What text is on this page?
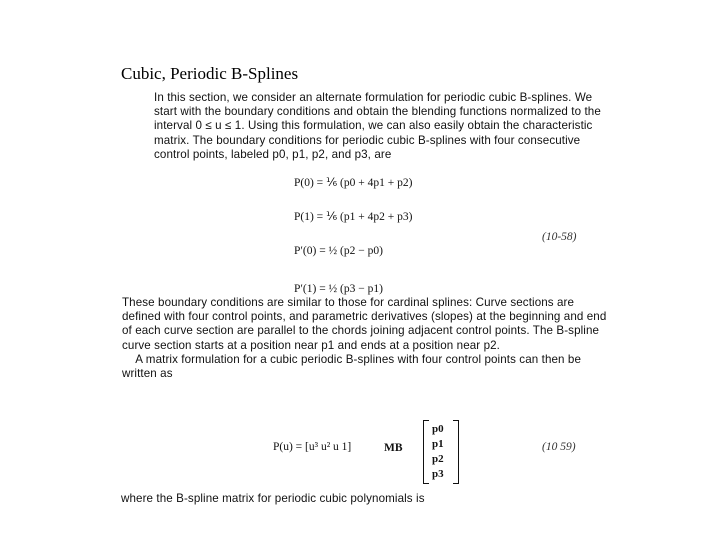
Cubic, Periodic B-Splines

In this section, we consider an alternate formulation for periodic cubic B-splines. We start with the boundary conditions and obtain the blending functions normalized to the interval 0 ≤ u ≤ 1. Using this formulation, we can also easily obtain the characteristic matrix. The boundary conditions for periodic cubic B-splines with four consecutive control points, labeled p0, p1, p2, and p3, are

P(0) = ⅙ (p0 + 4p1 + p2)
P(1) = ⅙ (p1 + 4p2 + p3)
P′(0) = ½ (p2 − p0)
P′(1) = ½ (p3 − p1)
(10-58)

These boundary conditions are similar to those for cardinal splines: Curve sections are defined with four control points, and parametric derivatives (slopes) at the beginning and end of each curve section are parallel to the chords joining adjacent control points. The B-spline curve section starts at a position near p1 and ends at a position near p2.
A matrix formulation for a cubic periodic B-splines with four control points can then be written as

P(u) = [u³ u² u 1]	MB
p0
p1
p2
p3
(10 59)

where the B-spline matrix for periodic cubic polynomials is
